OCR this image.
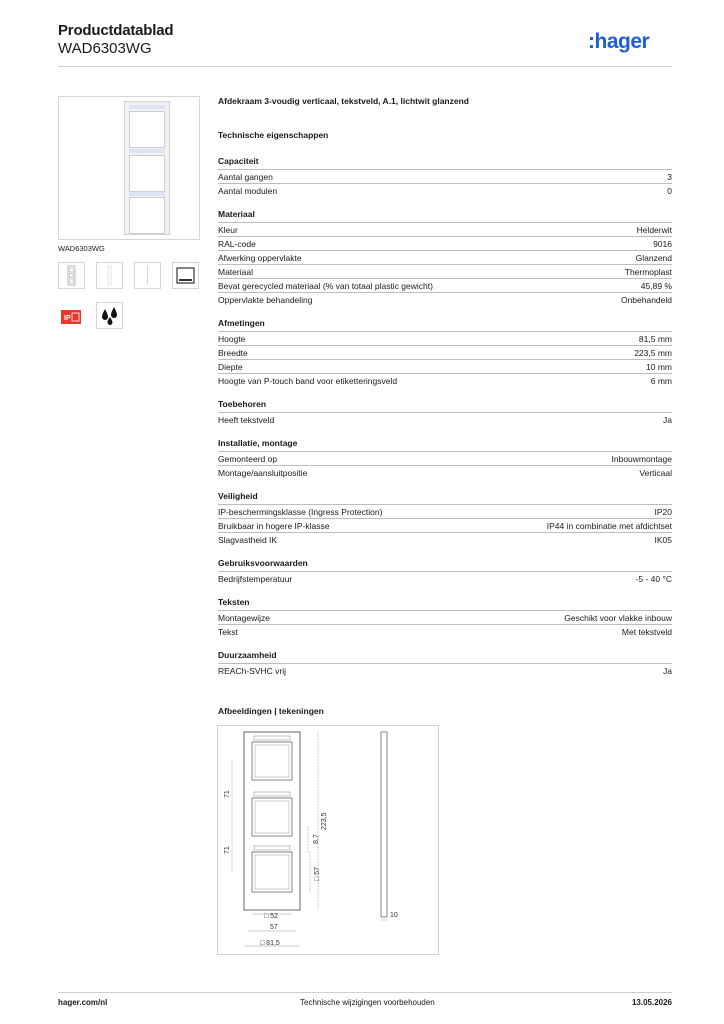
Productdatablad
WAD6303WG	:hager
WAD6303WG
IP
Afdekraam 3-voudig verticaal, tekstveld, A.1, lichtwit glanzend
Technische eigenschappen
Capaciteit
Aantal gangen	3
Aantal modulen	0
Materiaal
Kleur	Helderwit
RAL-code	9016
Afwerking oppervlakte	Glanzend
Materiaal	Thermoplast
Bevat gerecycled materiaal (% van totaal plastic gewicht)	45,89 %
Oppervlakte behandeling	Onbehandeld
Afmetingen
Hoogte	81,5 mm
Breedte	223,5 mm
Diepte	10 mm
Hoogte van P-touch band voor etiketteringsveld	6 mm
Toebehoren
Heeft tekstveld	Ja
Installatie, montage
Gemonteerd op	Inbouwmontage
Montage/aansluitpositie	Verticaal
Veiligheid
IP-beschermingsklasse (Ingress Protection)	IP20
Bruikbaar in hogere IP-klasse	IP44 in combinatie met afdichtset
Slagvastheid IK	IK05
Gebruiksvoorwaarden
Bedrijfstemperatuur	-5 - 40 °C
Teksten
Montagewijze	Geschikt voor vlakke inbouw
Tekst	Met tekstveld
Duurzaamheid
REACh-SVHC vrij	Ja
Afbeeldingen | tekeningen
71
71
223,5
8,7
□ 57
□ 52
57
□ 81,5
10
hager.com/nl	Technische wijzigingen voorbehouden	13.05.2026
